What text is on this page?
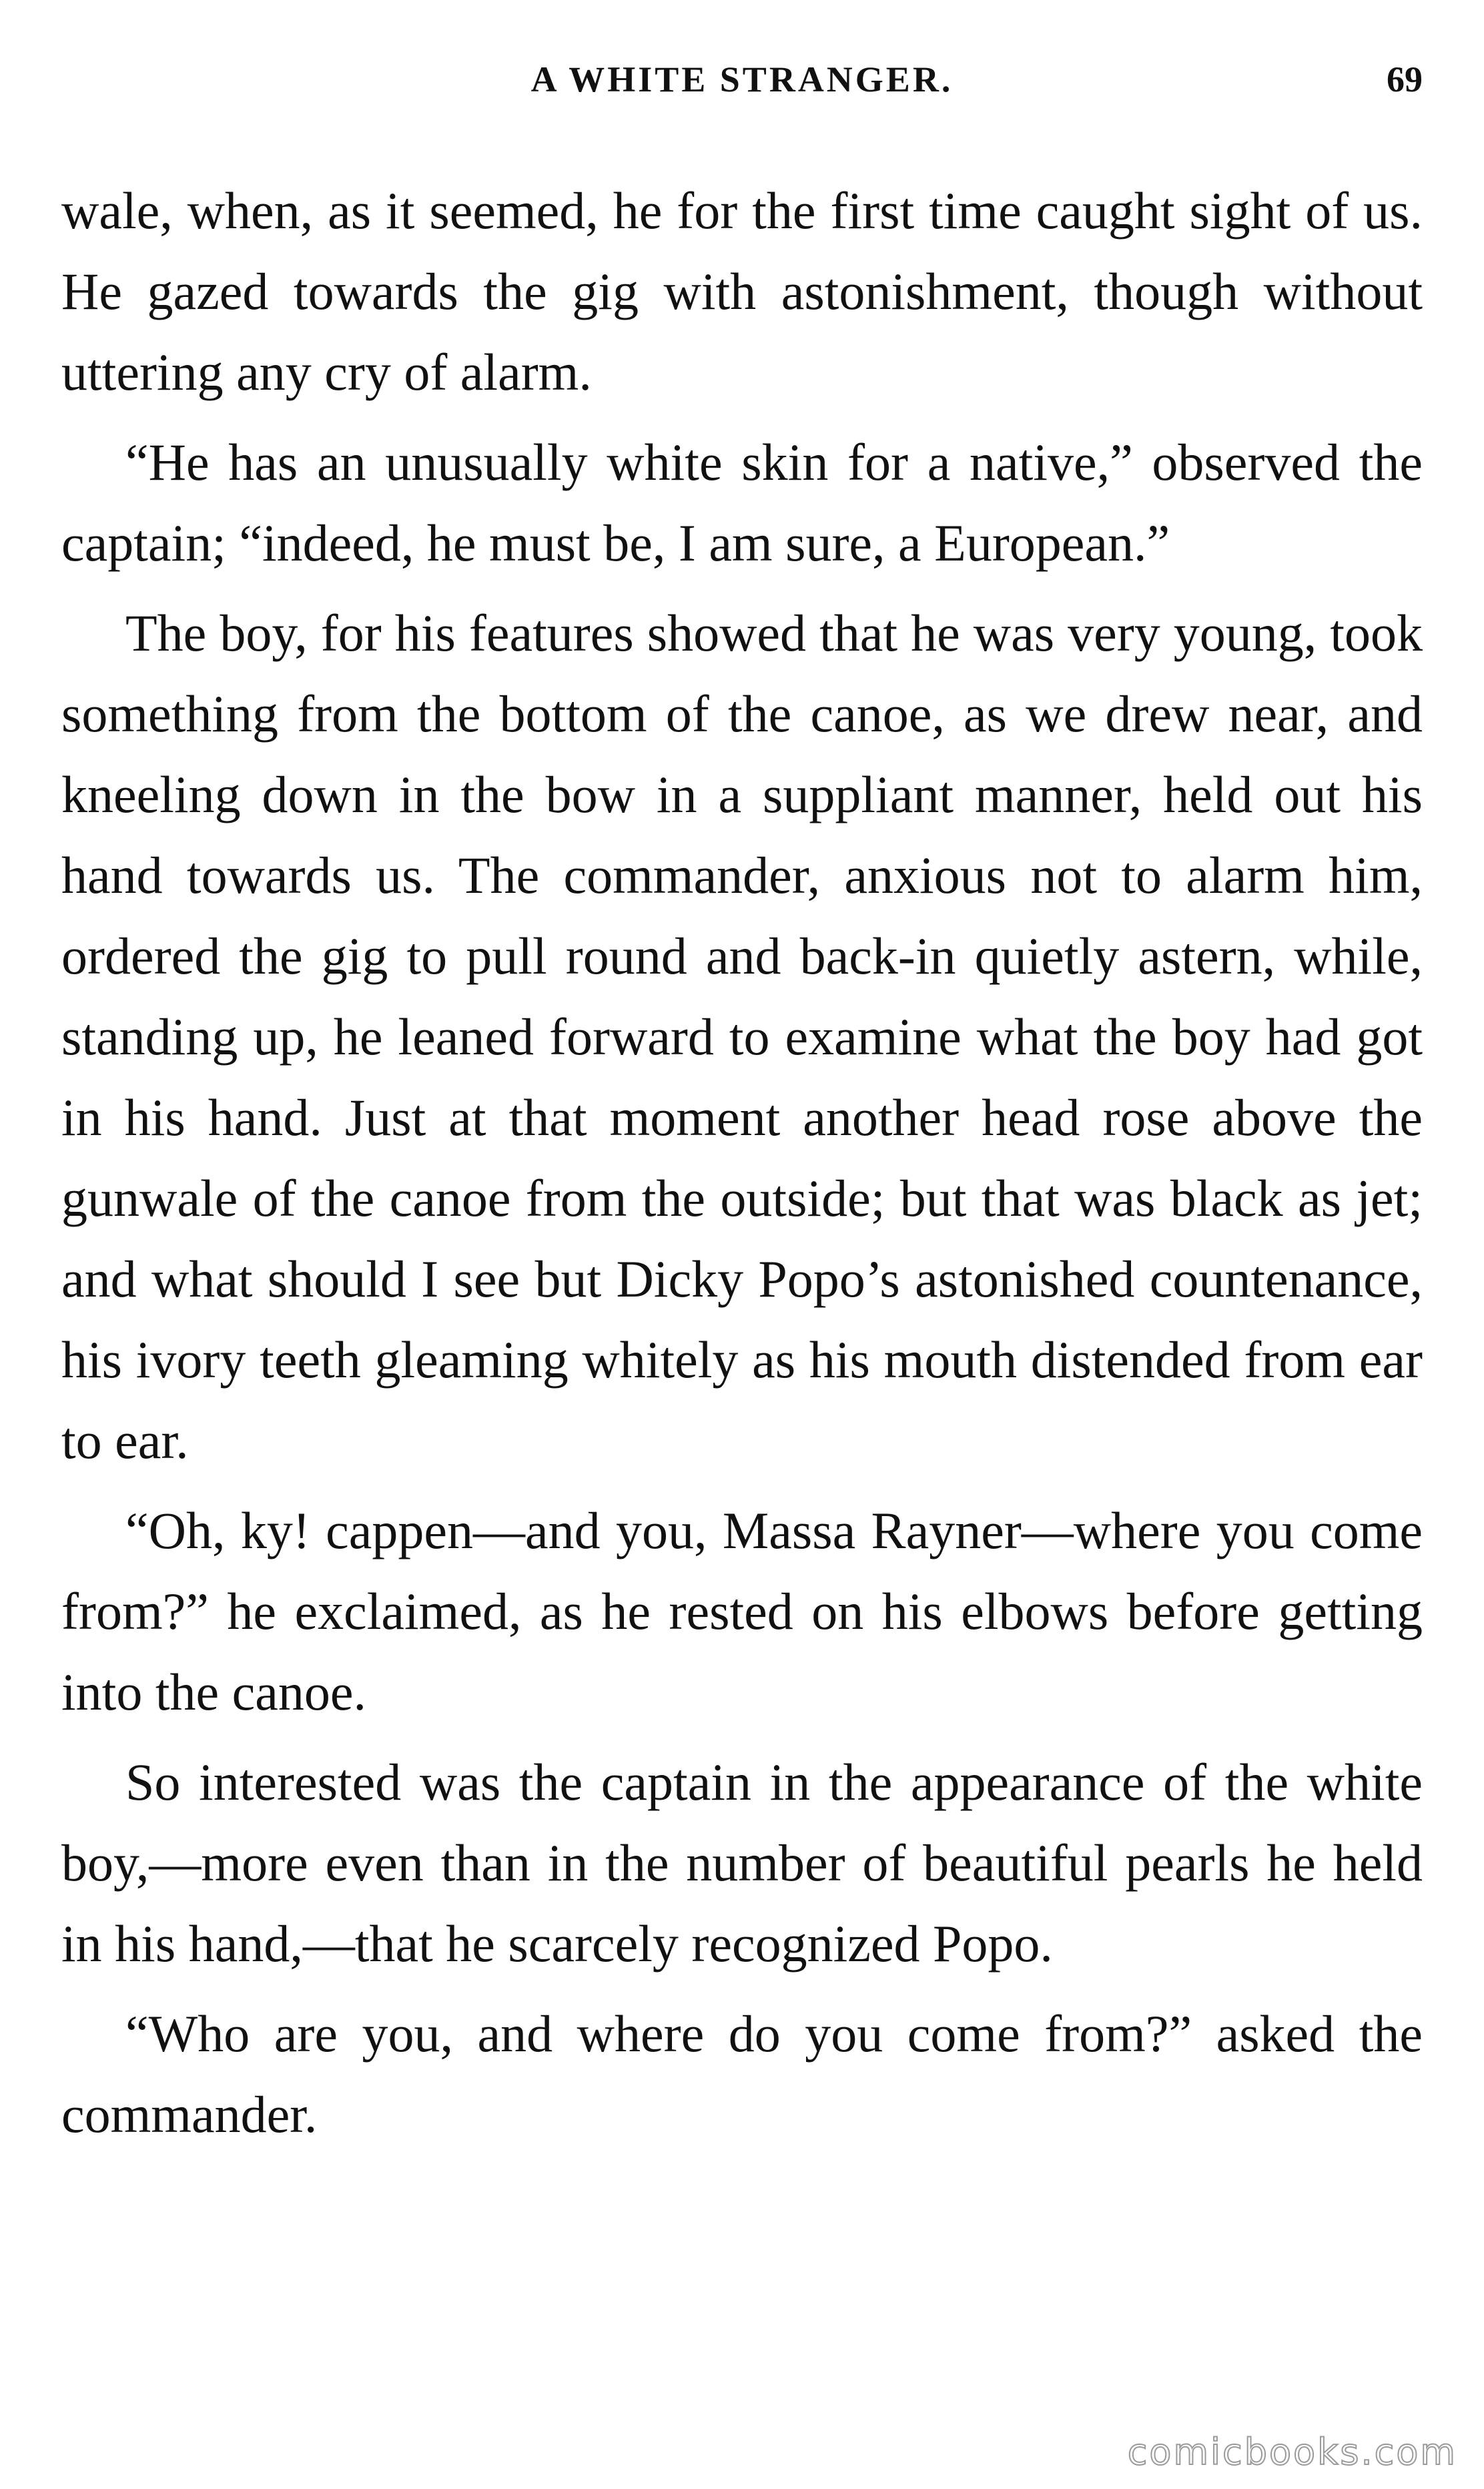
A WHITE STRANGER.	69

wale, when, as it seemed, he for the first time caught sight of us. He gazed towards the gig with astonishment, though without uttering any cry of alarm.

“He has an unusually white skin for a native,” observed the captain; “indeed, he must be, I am sure, a European.”

The boy, for his features showed that he was very young, took something from the bottom of the canoe, as we drew near, and kneeling down in the bow in a suppliant manner, held out his hand towards us. The commander, anxious not to alarm him, ordered the gig to pull round and back-in quietly astern, while, standing up, he leaned forward to examine what the boy had got in his hand. Just at that moment another head rose above the gunwale of the canoe from the outside; but that was black as jet; and what should I see but Dicky Popo’s astonished countenance, his ivory teeth gleaming whitely as his mouth distended from ear to ear.

“Oh, ky! cappen—and you, Massa Rayner—where you come from?” he exclaimed, as he rested on his elbows before getting into the canoe.

So interested was the captain in the appearance of the white boy,—more even than in the number of beautiful pearls he held in his hand,—that he scarcely recognized Popo.

“Who are you, and where do you come from?” asked the commander.

comicbooks.com
